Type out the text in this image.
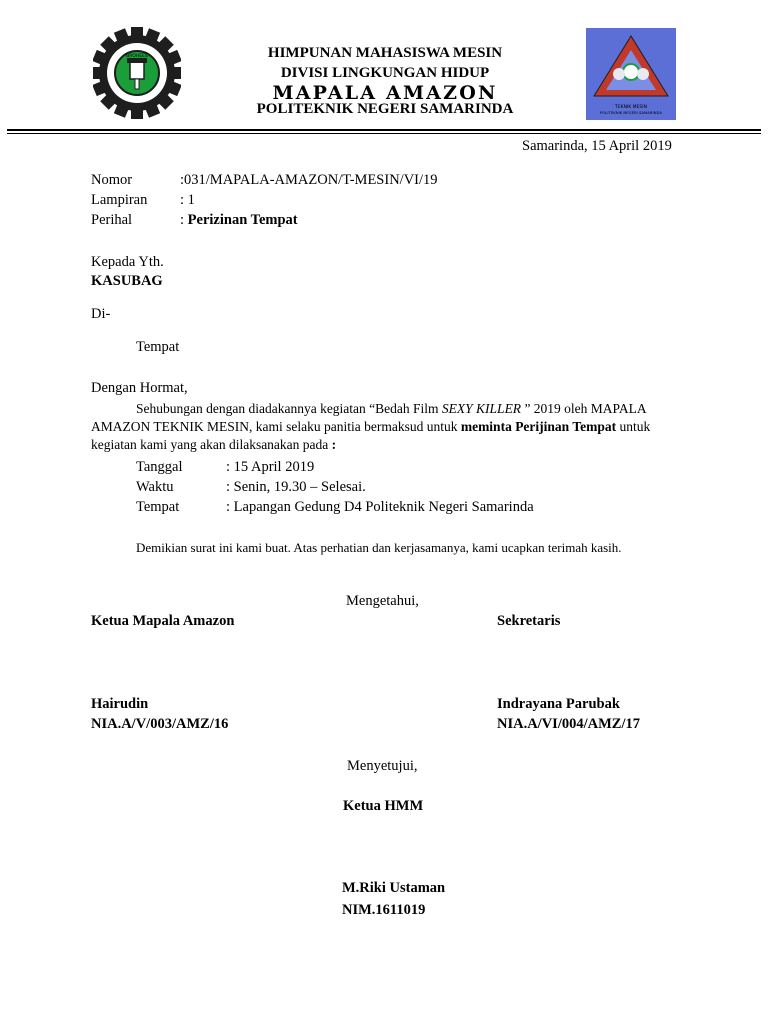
BROHEES	HIMPUNAN MAHASISWA MESIN
DIVISI LINGKUNGAN HIDUP
MAPALA AMAZON
POLITEKNIK NEGERI SAMARINDA	TEKNIK MESIN
POLITEKNIK NEGERI SAMARINDA
Samarinda, 15 April 2019
Nomor	:031/MAPALA-AMAZON/T-MESIN/VI/19
Lampiran : 1
Perihal	: Perizinan Tempat
Kepada Yth.
KASUBAG
Di-
Tempat
Dengan Hormat,
Sehubungan dengan diadakannya kegiatan “Bedah Film SEXY KILLER ” 2019 oleh MAPALA
AMAZON TEKNIK MESIN, kami selaku panitia bermaksud untuk meminta Perijinan Tempat untuk
kegiatan kami yang akan dilaksanakan pada :
Tanggal	: 15 April 2019
Waktu	: Senin, 19.30 – Selesai.
Tempat	: Lapangan Gedung D4 Politeknik Negeri Samarinda
Demikian surat ini kami buat. Atas perhatian dan kerjasamanya, kami ucapkan terimah kasih.
Mengetahui,
Ketua Mapala Amazon	Sekretaris
Hairudin
NIA.A/V/003/AMZ/16
Indrayana Parubak
NIA.A/VI/004/AMZ/17
Menyetujui,
Ketua HMM
M.Riki Ustaman
NIM.1611019
